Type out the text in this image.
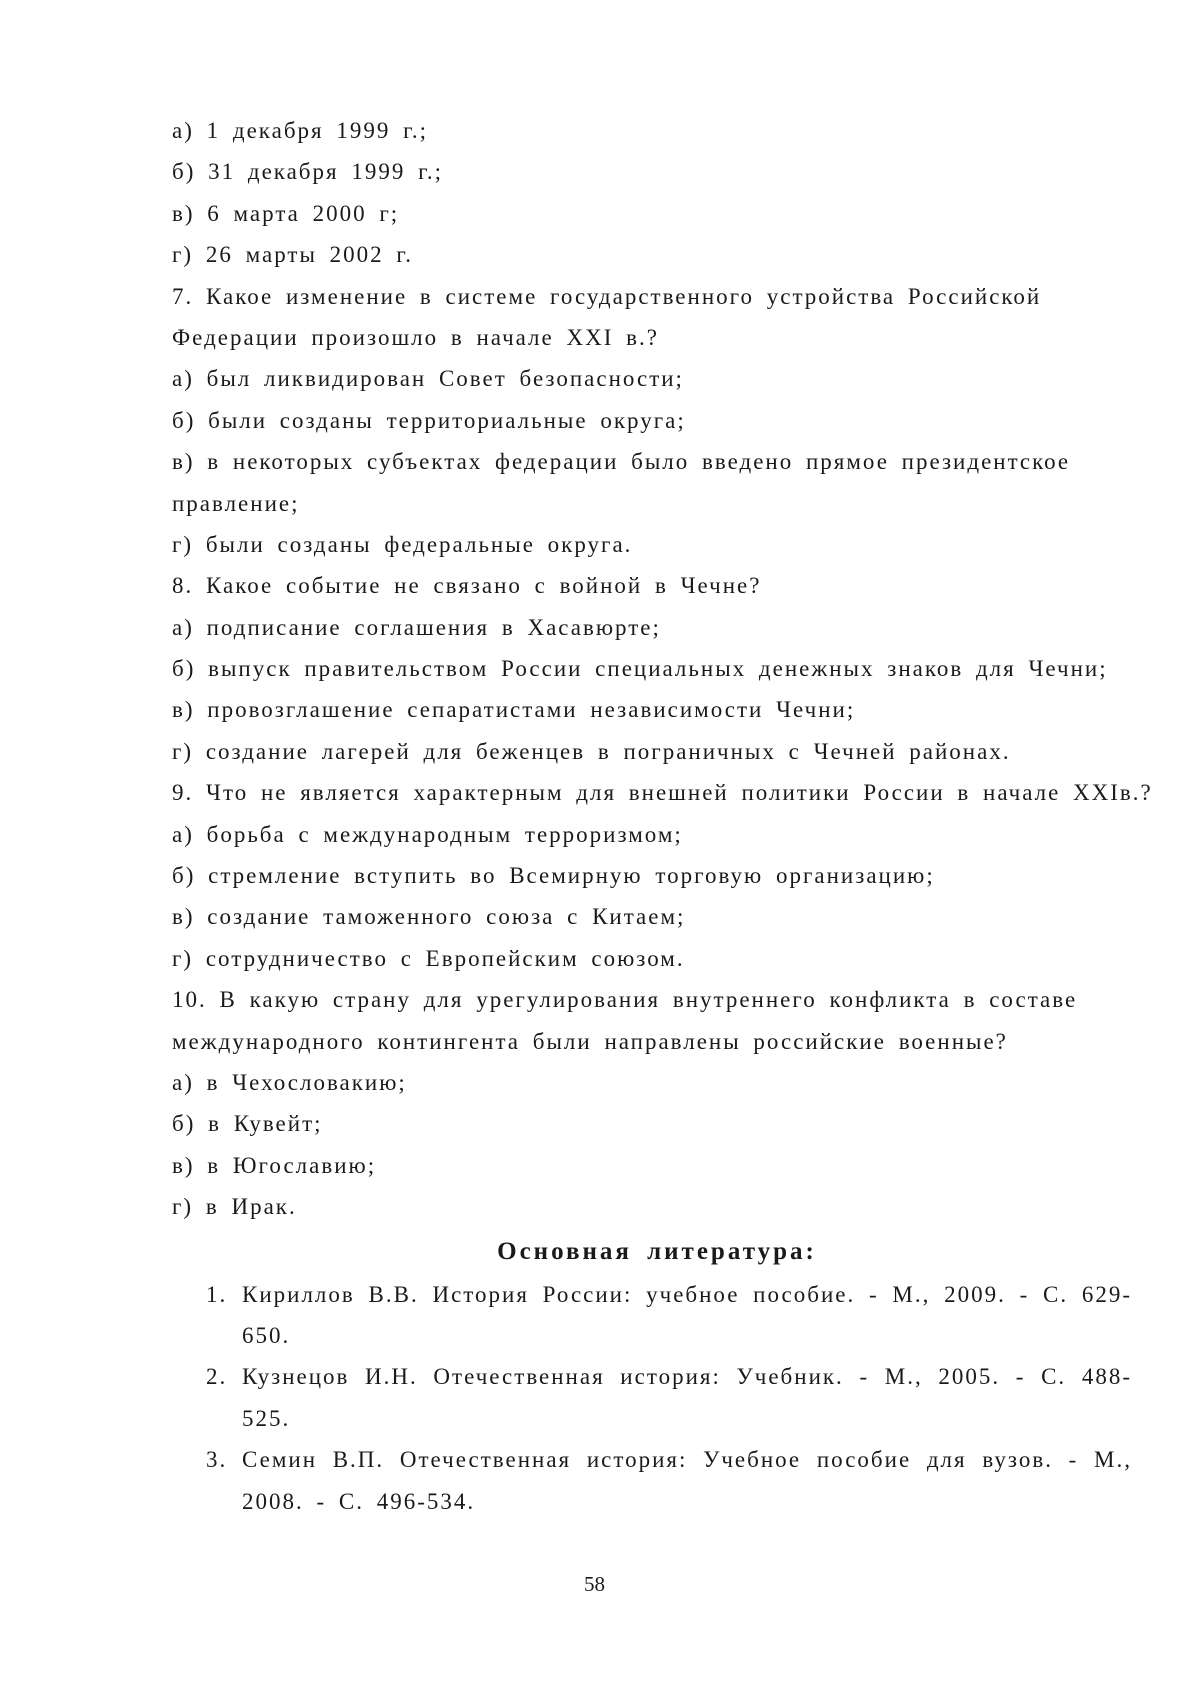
а) 1 декабря 1999 г.;
б) 31 декабря 1999 г.;
в) 6 марта 2000 г;
г) 26 марты 2002 г.
7. Какое изменение в системе государственного устройства Российской
Федерации произошло в начале XXI в.?
а) был ликвидирован Совет безопасности;
б) были созданы территориальные округа;
в) в некоторых субъектах федерации было введено прямое президентское
правление;
г) были созданы федеральные округа.
8. Какое событие не связано с войной в Чечне?
а) подписание соглашения в Хасавюрте;
б) выпуск правительством России специальных денежных знаков для Чечни;
в) провозглашение сепаратистами независимости Чечни;
г) создание лагерей для беженцев в пограничных с Чечней районах.
9. Что не является характерным для внешней политики России в начале XXIв.?
а) борьба с международным терроризмом;
б) стремление вступить во Всемирную торговую организацию;
в) создание таможенного союза с Китаем;
г) сотрудничество с Европейским союзом.
10. В какую страну для урегулирования внутреннего конфликта в составе
международного контингента были направлены российские военные?
а) в Чехословакию;
б) в Кувейт;
в) в Югославию;
г) в Ирак.
Основная литература:
1. Кириллов В.В. История России: учебное пособие. - М., 2009. - С. 629-650.
2. Кузнецов И.Н. Отечественная история: Учебник. - М., 2005. - С. 488-525.
3. Семин В.П. Отечественная история: Учебное пособие для вузов. - М., 2008. - С. 496-534.
58
